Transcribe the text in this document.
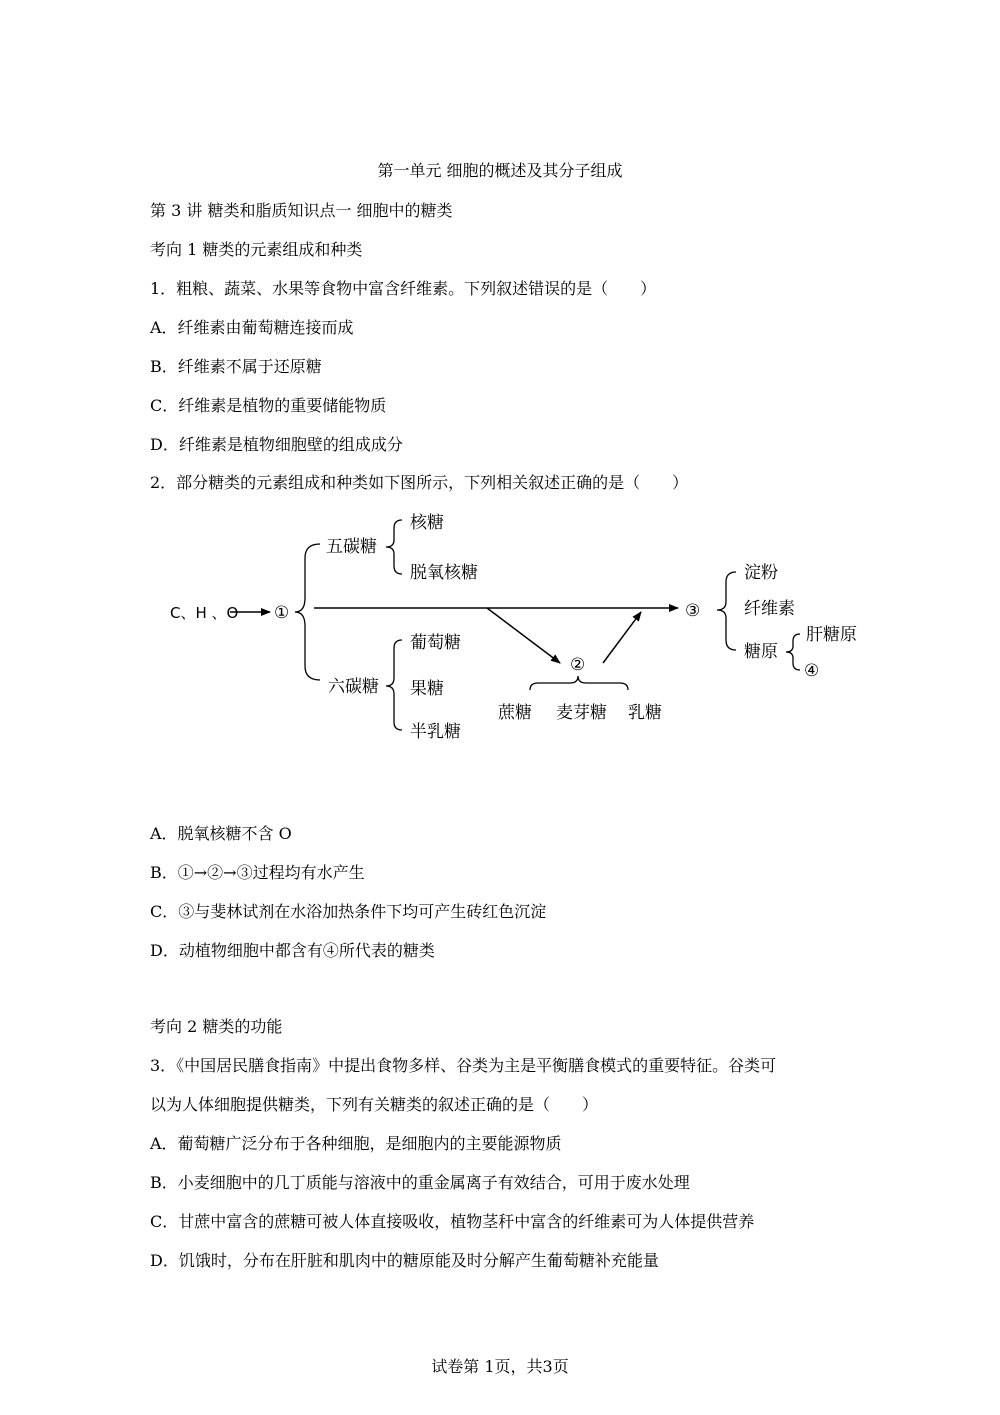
第一单元 细胞的概述及其分子组成
第 3 讲 糖类和脂质知识点一 细胞中的糖类
考向 1 糖类的元素组成和种类
1．粗粮、蔬菜、水果等食物中富含纤维素。下列叙述错误的是（　　）
A．纤维素由葡萄糖连接而成
B．纤维素不属于还原糖
C．纤维素是植物的重要储能物质
D．纤维素是植物细胞壁的组成成分
2．部分糖类的元素组成和种类如下图所示，下列相关叙述正确的是（　　）
C、H 、O ①
五碳糖
核糖
脱氧核糖
六碳糖
葡萄糖
果糖
半乳糖
②
蔗糖 麦芽糖 乳糖
③
淀粉
纤维素
糖原
肝糖原
④
A．脱氧核糖不含 O
B．①→②→③过程均有水产生
C．③与斐林试剂在水浴加热条件下均可产生砖红色沉淀
D．动植物细胞中都含有④所代表的糖类
考向 2 糖类的功能
3．《中国居民膳食指南》中提出食物多样、谷类为主是平衡膳食模式的重要特征。谷类可
以为人体细胞提供糖类，下列有关糖类的叙述正确的是（　　）
A．葡萄糖广泛分布于各种细胞，是细胞内的主要能源物质
B．小麦细胞中的几丁质能与溶液中的重金属离子有效结合，可用于废水处理
C．甘蔗中富含的蔗糖可被人体直接吸收，植物茎秆中富含的纤维素可为人体提供营养
D．饥饿时，分布在肝脏和肌肉中的糖原能及时分解产生葡萄糖补充能量
试卷第 1页，共3页
